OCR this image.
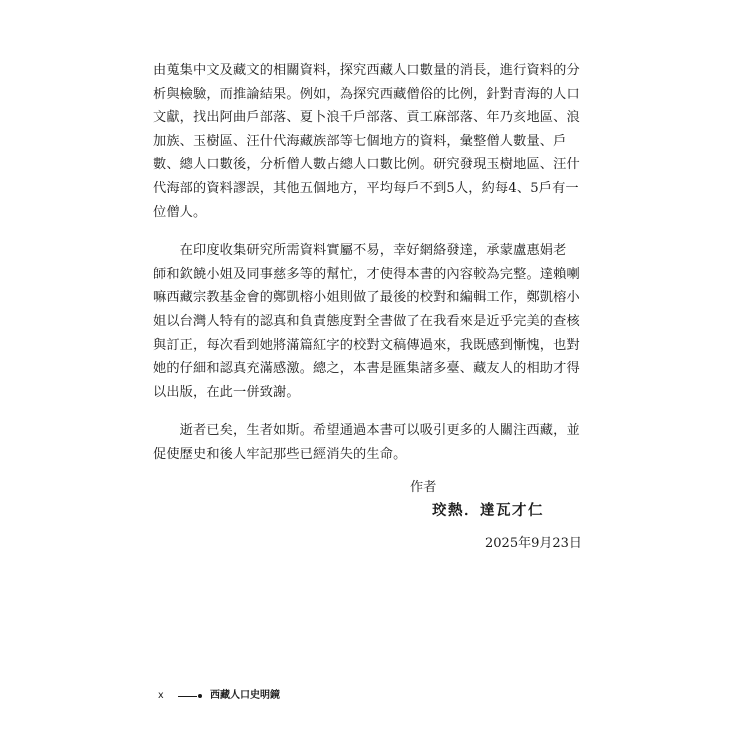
由蒐集中文及藏文的相關資料，探究西藏人口數量的消長，進行資料的分
析與檢驗，而推論結果。例如，為探究西藏僧俗的比例，針對青海的人口
文獻，找出阿曲戶部落、夏卜浪千戶部落、貢工麻部落、年乃亥地區、浪
加族、玉樹區、汪什代海藏族部等七個地方的資料，彙整僧人數量、戶
數、總人口數後，分析僧人數占總人口數比例。研究發現玉樹地區、汪什
代海部的資料謬誤，其他五個地方，平均每戶不到5人，約每4、5戶有一
位僧人。

　　在印度收集研究所需資料實屬不易，幸好網絡發達，承蒙盧惠娟老
師和欽饒小姐及同事慈多等的幫忙，才使得本書的內容較為完整。達賴喇
嘛西藏宗教基金會的鄭凱榕小姐則做了最後的校對和編輯工作，鄭凱榕小
姐以台灣人特有的認真和負責態度對全書做了在我看來是近乎完美的查核
與訂正，每次看到她將滿篇紅字的校對文稿傳過來，我既感到慚愧，也對
她的仔細和認真充滿感激。總之，本書是匯集諸多臺、藏友人的相助才得
以出版，在此一併致謝。

　　逝者已矣，生者如斯。希望通過本書可以吸引更多的人關注西藏，並
促使歷史和後人牢記那些已經消失的生命。

作者
珓熱．達瓦才仁
2025年9月23日
x	西藏人口史明鏡
